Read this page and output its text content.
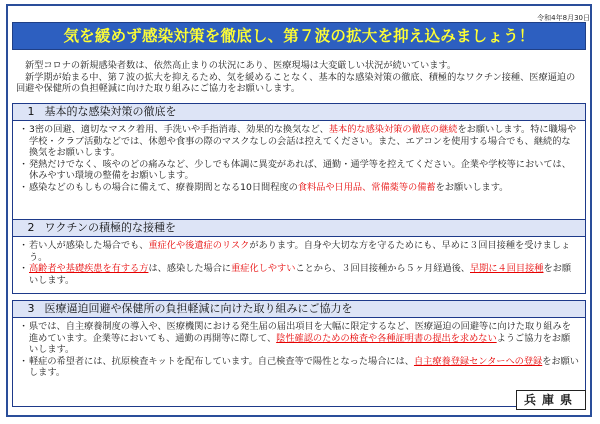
令和4年8月30日
気を緩めず感染対策を徹底し、第７波の拡大を抑え込みましょう！

新型コロナの新規感染者数は、依然高止まりの状況にあり、医療現場は大変厳しい状況が続いています。

新学期が始まる中、第７波の拡大を抑えるため、気を緩めることなく、基本的な感染対策の徹底、積極的なワクチン接種、医療逼迫の回避や保健所の負担軽減に向けた取り組みにご協力をお願いします。

1 基本的な感染対策の徹底を

・ 3密の回避、適切なマスク着用、手洗いや手指消毒、効果的な換気など、基本的な感染対策の徹底の継続をお願いします。特に職場や学校・クラブ活動などでは、休憩や食事の際のマスクなしの会話は控えてください。また、エアコンを使用する場合でも、継続的な換気をお願いします。

・ 発熱だけでなく、咳やのどの痛みなど、少しでも体調に異変があれば、通勤・通学等を控えてください。企業や学校等においては、休みやすい環境の整備をお願いします。

・ 感染などのもしもの場合に備えて、療養期間となる10日間程度の食料品や日用品、常備薬等の備蓄をお願いします。

2 ワクチンの積極的な接種を

・ 若い人が感染した場合でも、重症化や後遺症のリスクがあります。自身や大切な方を守るためにも、早めに３回目接種を受けましょう。

・ 高齢者や基礎疾患を有する方は、感染した場合に重症化しやすいことから、３回目接種から５ヶ月経過後、早期に４回目接種をお願いします。

3 医療逼迫回避や保健所の負担軽減に向けた取り組みにご協力を

・ 県では、自主療養制度の導入や、医療機関における発生届の届出項目を大幅に限定するなど、医療逼迫の回避等に向けた取り組みを進めています。企業等においても、通勤の再開等に際して、陰性確認のための検査や各種証明書の提出を求めないようご協力をお願いします。

・ 軽症の希望者には、抗原検査キットを配布しています。自己検査等で陽性となった場合には、自主療養登録センターへの登録をお願いします。

兵庫県
